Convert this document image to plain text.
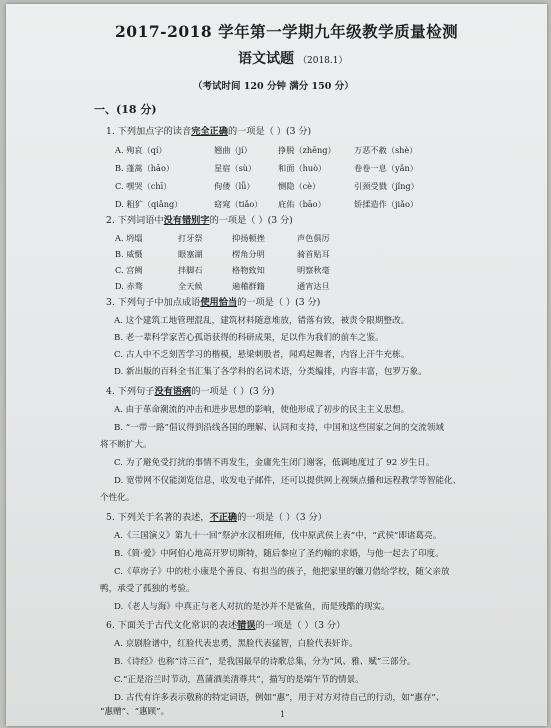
2017-2018 学年第一学期九年级教学质量检测
语文试题 （2018.1）
（考试时间 120 分钟 满分 150 分）
一、(18 分)
1. 下列加点字的读音完全正确的一项是（ ）(3 分)
A. 殉哀（qí）	翘曲（jí）	挣脱（zhēng） 万恶不赦（shè）
B. 蓬蒿（hāo）	星宿（sù）	和面（huò）	卷卷一息（yǎn）
C. 嘿哭（chī）	佝偻（lǚ）	恻隐（cè）	引颈受戮（jǐng）
D. 粗犷（qiǎng）	窈窕（tiǎo） 庇佑（bāo）	矫揉造作（jiǎo）
2. 下列词语中没有错别字的一项是（ ）(3 分)
A. 坍塌	打牙祭	抑扬顿挫	声色俱厉
B. 威慑	眼塞湖	楞角分明	骑首贴耳
C. 宫阙	拌脚石	格物致知	明察秋毫
D. 赤骛	全天候	遍稽群籍	通宵达旦
3. 下列句子中加点成语使用恰当的一项是（ ）(3 分)
A. 这个建筑工地管理混乱，建筑材料随意堆放，错落有致，被责令限期整改。
B. 老一辈科学家苦心孤诣获得的科研成果，足以作为我们的前车之鉴。
C. 古人中不乏刻苦学习的楷模，悬梁刺股者，闻鸡起舞者，内容上汗牛充栋。
D. 新出版的百科全书汇集了各学科的名词术语，分类编排，内容丰富，包罗万象。
4. 下列句子没有语病的一项是（ ）(3 分)
A. 由于革命潮流的冲击和进步思想的影响，使他形成了初步的民主主义思想。
B. “一带一路”倡议得到沿线各国的理解、认同和支持，中国和这些国家之间的交流领域
将不断扩大。
C. 为了避免受打扰的事情不再发生，金庸先生闭门谢客，低调地度过了 92 岁生日。
D. 宽带网不仅能浏览信息，收发电子邮件，还可以提供网上视频点播和远程教学等智能化、
个性化。
5. 下列关于名著的表述，不正确的一项是（ ）（3 分）
A.《三国演义》第九十一回“祭泸水汉相班师，伐中原武侯上表”中，“武侯”即诸葛亮。
B.《简·爱》中阿伯心地高开罗切斯特，随后参应了圣约翰的求婚，与他一起去了印度。
C.《草房子》中的杜小康是个善良、有担当的孩子，他把家里的镰刀借给学校，随父亲放
鸭，承受了孤独的考验。
D.《老人与海》中真正与老人对抗的是沙并不是鲨鱼，而是残酷的现实。
6. 下面关于古代文化常识的表述错误的一项是（ ）（3 分）
A. 京剧脸谱中，红脸代表忠勇，黑脸代表猛智，白脸代表奸诈。
B.《诗经》也称“诗三百”，是我国最早的诗歌总集，分为“风、雅、赋”三部分。
C.“正是浴兰时节动，菖蒲酒美清尊共”，描写的是端午节的情景。
D. 古代有许多表示敬称的特定词语，例如“惠”，用于对方对待自己的行动，如“惠存”、
“惠赠”、“惠顾”。	1
